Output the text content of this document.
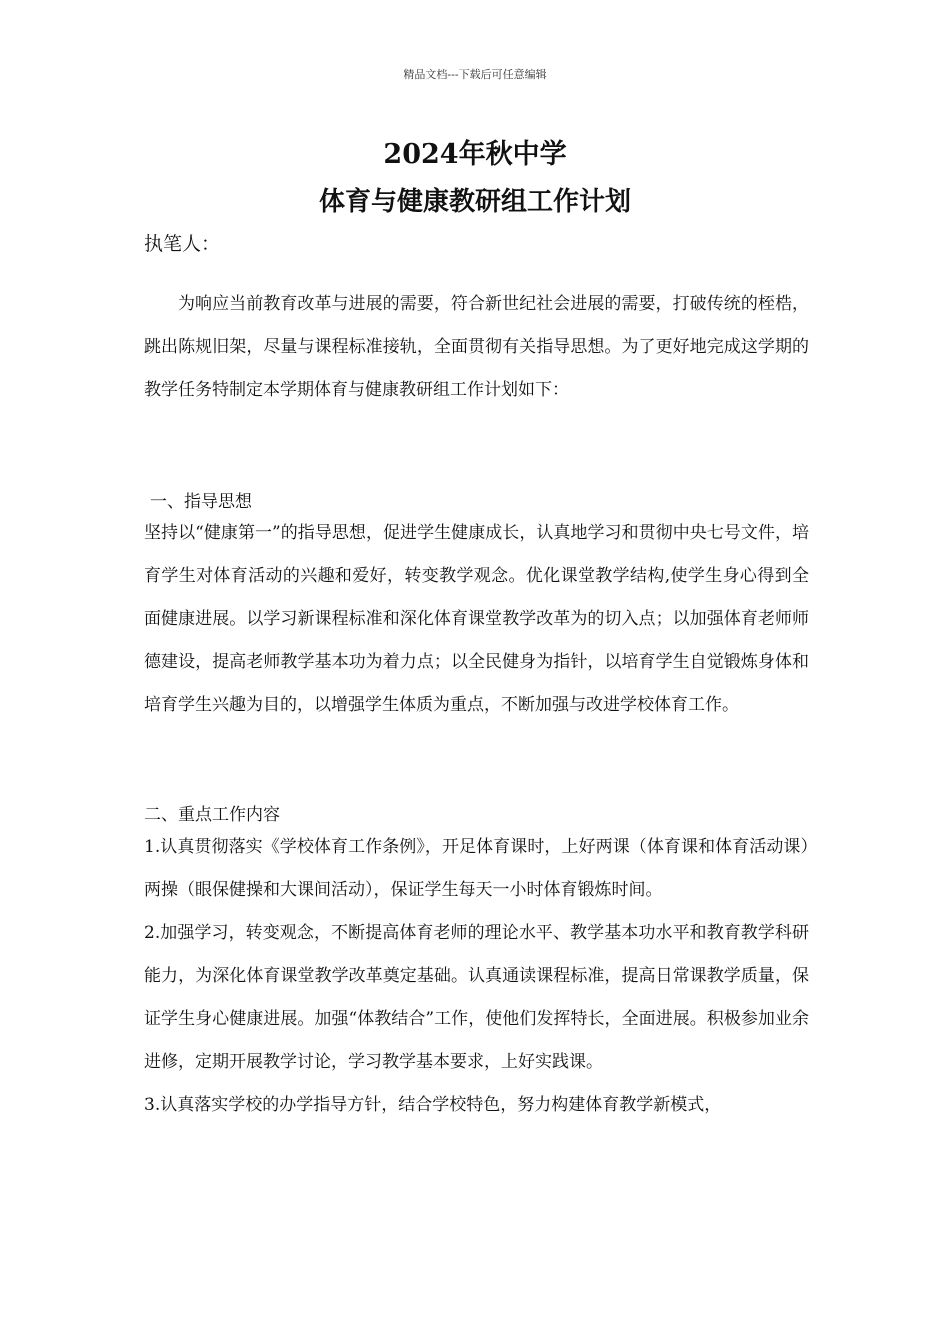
精品文档---下载后可任意编辑
2024年秋中学
体育与健康教研组工作计划
执笔人：

为响应当前教育改革与进展的需要，符合新世纪社会进展的需要，打破传统的桎梏，跳出陈规旧架，尽量与课程标准接轨，全面贯彻有关指导思想。为了更好地完成这学期的教学任务特制定本学期体育与健康教研组工作计划如下：

一、指导思想

坚持以“健康第一”的指导思想，促进学生健康成长，认真地学习和贯彻中央七号文件，培育学生对体育活动的兴趣和爱好，转变教学观念。优化课堂教学结构,使学生身心得到全面健康进展。以学习新课程标准和深化体育课堂教学改革为的切入点；以加强体育老师师德建设，提高老师教学基本功为着力点；以全民健身为指针，以培育学生自觉锻炼身体和培育学生兴趣为目的，以增强学生体质为重点，不断加强与改进学校体育工作。

二、重点工作内容

1.认真贯彻落实《学校体育工作条例》，开足体育课时，上好两课（体育课和体育活动课）两操（眼保健操和大课间活动），保证学生每天一小时体育锻炼时间。

2.加强学习，转变观念，不断提高体育老师的理论水平、教学基本功水平和教育教学科研能力，为深化体育课堂教学改革奠定基础。认真通读课程标准，提高日常课教学质量，保证学生身心健康进展。加强“体教结合”工作，使他们发挥特长，全面进展。积极参加业余进修，定期开展教学讨论，学习教学基本要求，上好实践课。

3.认真落实学校的办学指导方针，结合学校特色，努力构建体育教学新模式，
